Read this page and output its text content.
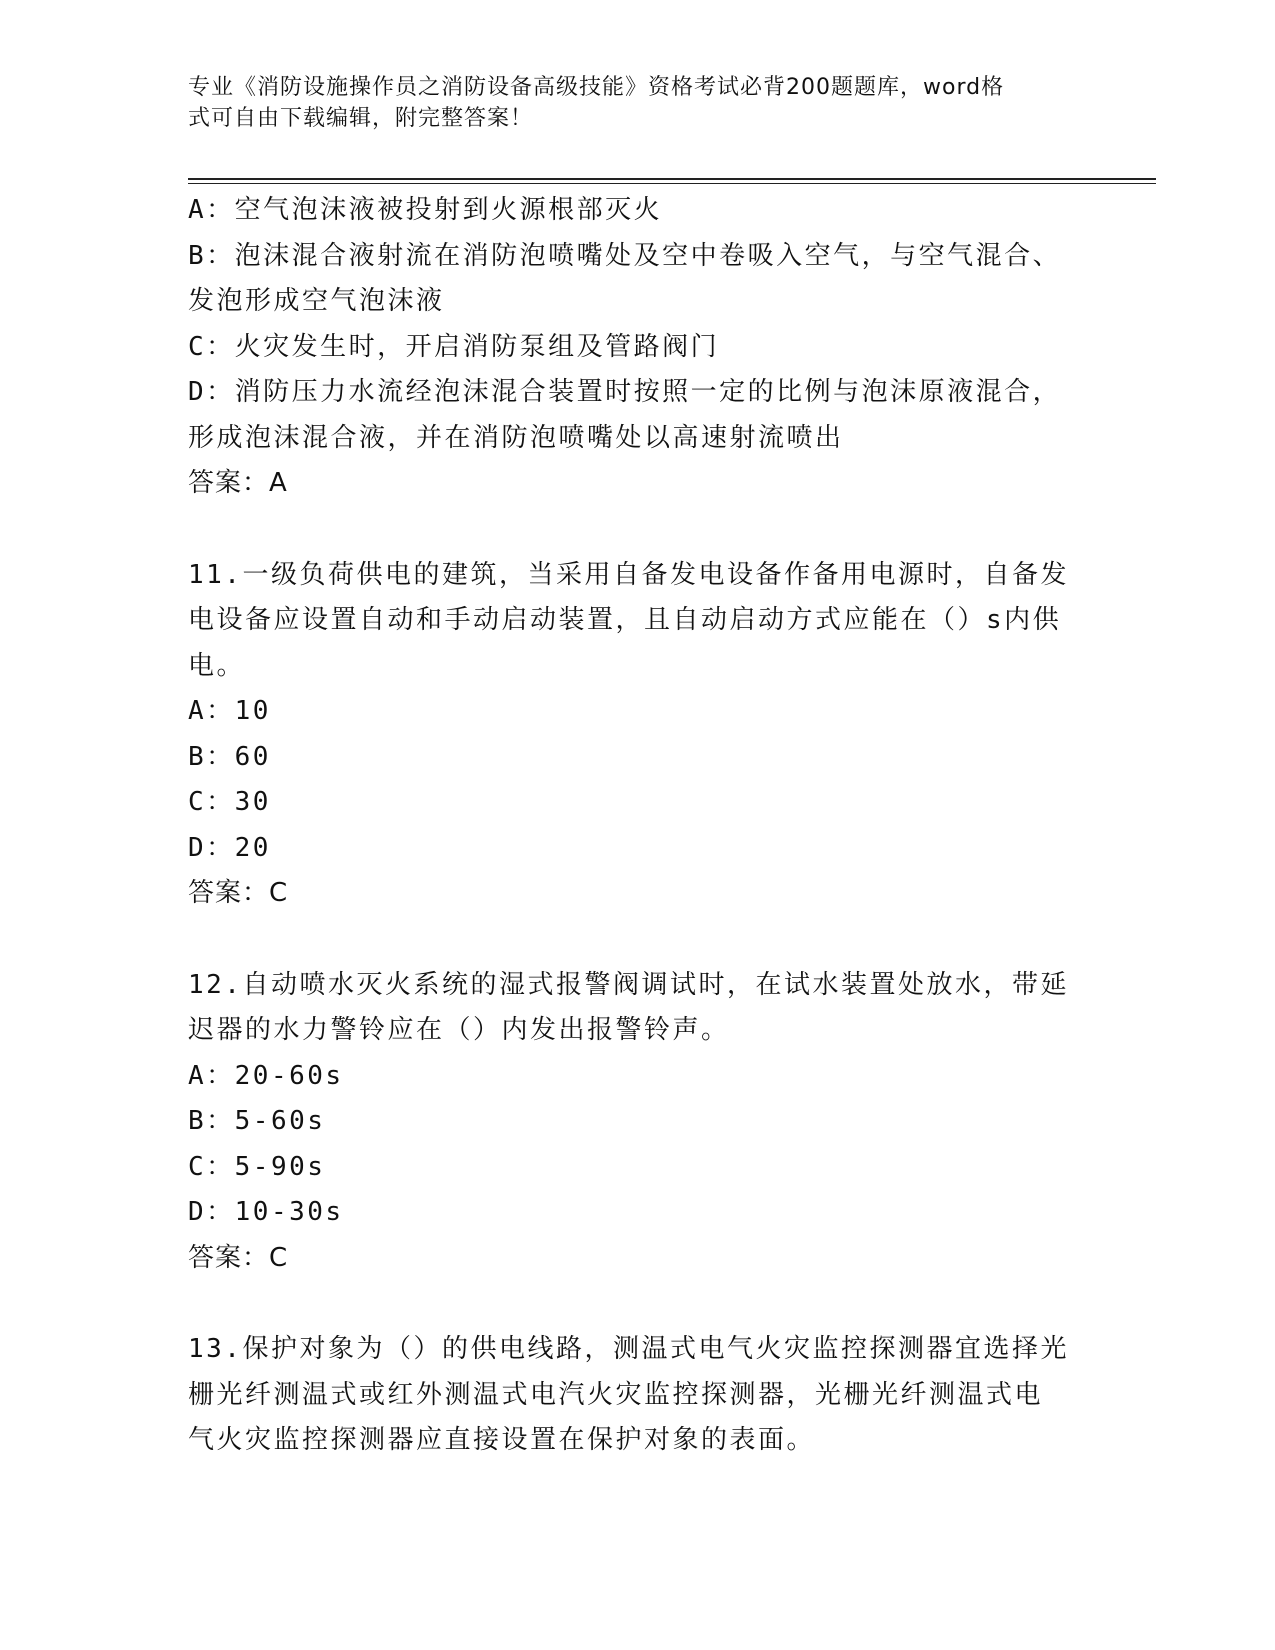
专业《消防设施操作员之消防设备高级技能》资格考试必背200题题库，word格
式可自由下载编辑，附完整答案！
A：空气泡沫液被投射到火源根部灭火
B：泡沫混合液射流在消防泡喷嘴处及空中卷吸入空气，与空气混合、
发泡形成空气泡沫液
C：火灾发生时，开启消防泵组及管路阀门
D：消防压力水流经泡沫混合装置时按照一定的比例与泡沫原液混合，
形成泡沫混合液，并在消防泡喷嘴处以高速射流喷出
答案：A
11.一级负荷供电的建筑，当采用自备发电设备作备用电源时，自备发
电设备应设置自动和手动启动装置，且自动启动方式应能在（）s内供
电。
A：10
B：60
C：30
D：20
答案：C
12.自动喷水灭火系统的湿式报警阀调试时，在试水装置处放水，带延
迟器的水力警铃应在（）内发出报警铃声。
A：20-60s
B：5-60s
C：5-90s
D：10-30s
答案：C
13.保护对象为（）的供电线路，测温式电气火灾监控探测器宜选择光
栅光纤测温式或红外测温式电汽火灾监控探测器，光栅光纤测温式电
气火灾监控探测器应直接设置在保护对象的表面。
